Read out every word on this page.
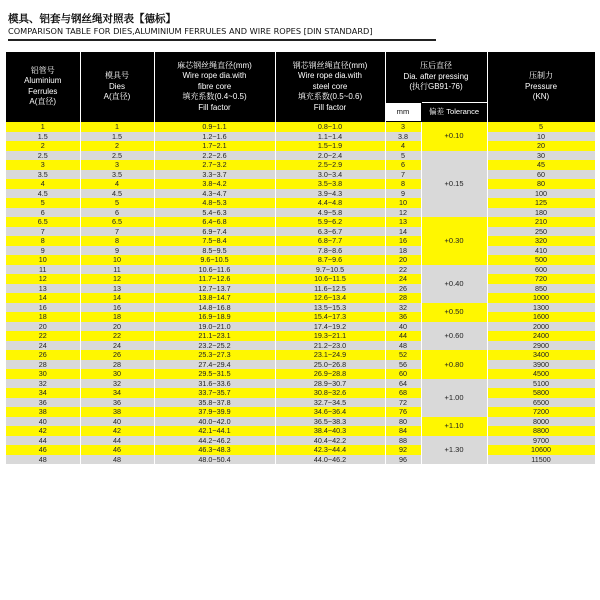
模具、铝套与钢丝绳对照表【德标】
COMPARISON TABLE FOR DIES,ALUMINIUM FERRULES AND WIRE ROPES [DIN STANDARD]
铝管号
Aluminium
Ferrules
A(直径)	模具号
Dies
A(直径)	麻芯钢丝绳直径(mm)
Wire rope dia.with
fibre core
填充系数(0.4~0.5)
Fill factor	钢芯钢丝绳直径(mm)
Wire rope dia.with
steel core
填充系数(0.5~0.6)
Fill factor	压后直径
Dia. after pressing
(执行GB91-76)		压制力
Pressure
(KN)

				mm	偏差 Tolerance	
1	1	0.9~1.1	0.8~1.0	3	+0.10	5
1.5	1.5	1.2~1.6	1.1~1.4	3.8		10
2	2	1.7~2.1	1.5~1.9	4		20
2.5	2.5	2.2~2.6	2.0~2.4	5	+0.15	30
3	3	2.7~3.2	2.5~2.9	6		45
3.5	3.5	3.3~3.7	3.0~3.4	7		60
4	4	3.8~4.2	3.5~3.8	8		80
4.5	4.5	4.3~4.7	3.9~4.3	9		100
5	5	4.8~5.3	4.4~4.8	10		125
6	6	5.4~6.3	4.9~5.8	12		180
6.5	6.5	6.4~6.8	5.9~6.2	13	+0.30	210
7	7	6.9~7.4	6.3~6.7	14		250
8	8	7.5~8.4	6.8~7.7	16		320
9	9	8.5~9.5	7.8~8.6	18		410
10	10	9.6~10.5	8.7~9.6	20		500
11	11	10.6~11.6	9.7~10.5	22	+0.40	600
12	12	11.7~12.6	10.6~11.5	24		720
13	13	12.7~13.7	11.6~12.5	26		850
14	14	13.8~14.7	12.6~13.4	28		1000
16	16	14.8~16.8	13.5~15.3	32	+0.50	1300
18	18	16.9~18.9	15.4~17.3	36		1600
20	20	19.0~21.0	17.4~19.2	40	+0.60	2000
22	22	21.1~23.1	19.3~21.1	44		2400
24	24	23.2~25.2	21.2~23.0	48		2900
26	26	25.3~27.3	23.1~24.9	52	+0.80	3400
28	28	27.4~29.4	25.0~26.8	56		3900
30	30	29.5~31.5	26.9~28.8	60		4500
32	32	31.6~33.6	28.9~30.7	64	+1.00	5100
34	34	33.7~35.7	30.8~32.6	68		5800
36	36	35.8~37.8	32.7~34.5	72		6500
38	38	37.9~39.9	34.6~36.4	76		7200
40	40	40.0~42.0	36.5~38.3	80	+1.10	8000
42	42	42.1~44.1	38.4~40.3	84		8800
44	44	44.2~46.2	40.4~42.2	88	+1.30	9700
46	46	46.3~48.3	42.3~44.4	92		10600
48	48	48.0~50.4	44.0~46.2	96		11500
